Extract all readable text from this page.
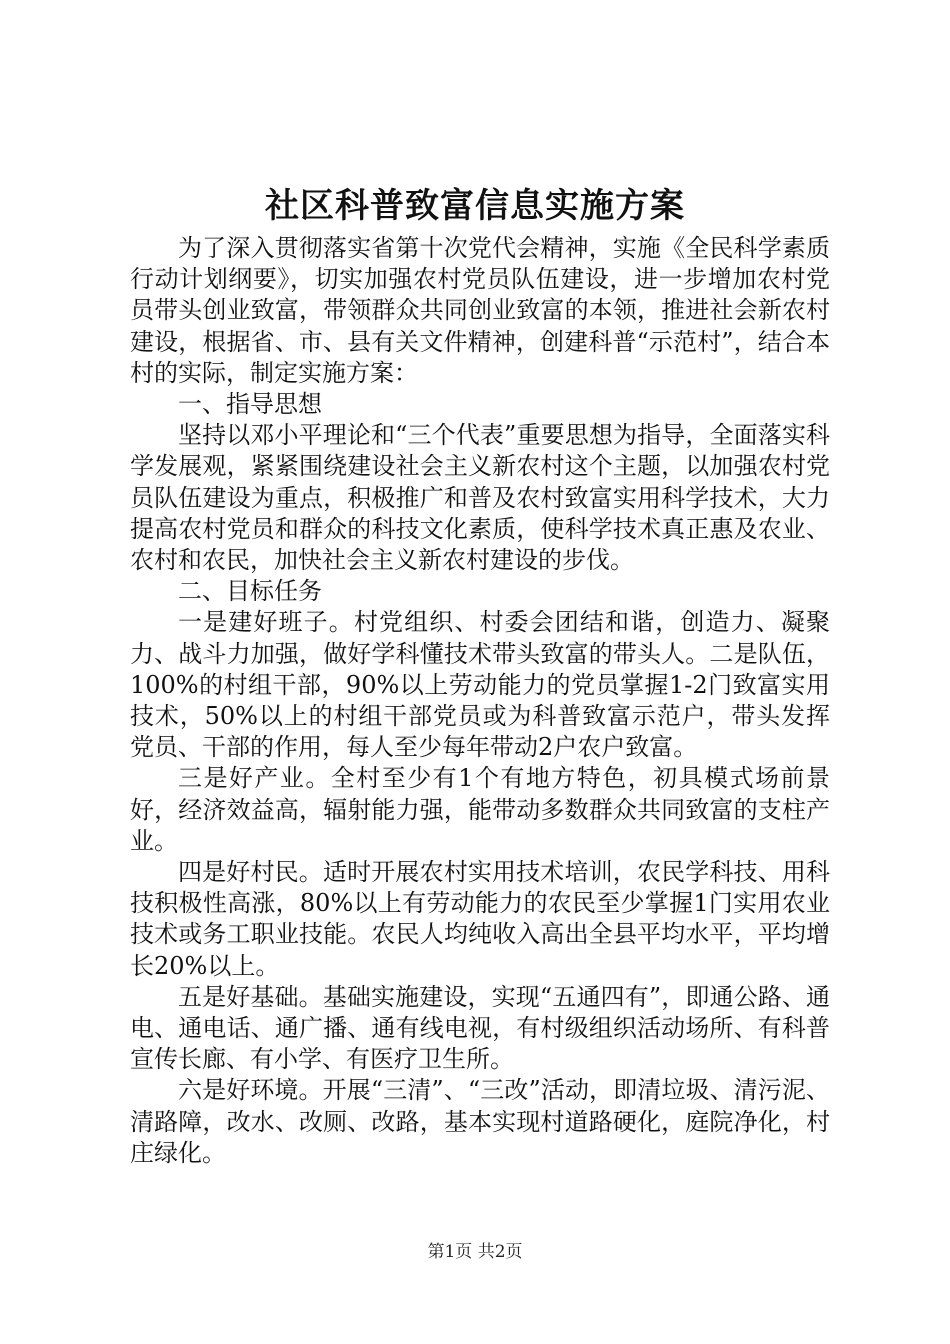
社区科普致富信息实施方案

为了深入贯彻落实省第十次党代会精神，实施《全民科学素质行动计划纲要》，切实加强农村党员队伍建设，进一步增加农村党员带头创业致富，带领群众共同创业致富的本领，推进社会新农村建设，根据省、市、县有关文件精神，创建科普“示范村”，结合本村的实际，制定实施方案：

一、指导思想

坚持以邓小平理论和“三个代表”重要思想为指导，全面落实科学发展观，紧紧围绕建设社会主义新农村这个主题，以加强农村党员队伍建设为重点，积极推广和普及农村致富实用科学技术，大力提高农村党员和群众的科技文化素质，使科学技术真正惠及农业、农村和农民，加快社会主义新农村建设的步伐。

二、目标任务

一是建好班子。村党组织、村委会团结和谐，创造力、凝聚力、战斗力加强，做好学科懂技术带头致富的带头人。二是队伍，100%的村组干部，90%以上劳动能力的党员掌握1-2门致富实用技术，50%以上的村组干部党员或为科普致富示范户，带头发挥党员、干部的作用，每人至少每年带动2户农户致富。

三是好产业。全村至少有1个有地方特色，初具模式场前景好，经济效益高，辐射能力强，能带动多数群众共同致富的支柱产业。

四是好村民。适时开展农村实用技术培训，农民学科技、用科技积极性高涨，80%以上有劳动能力的农民至少掌握1门实用农业技术或务工职业技能。农民人均纯收入高出全县平均水平，平均增长20%以上。

五是好基础。基础实施建设，实现“五通四有”，即通公路、通电、通电话、通广播、通有线电视，有村级组织活动场所、有科普宣传长廊、有小学、有医疗卫生所。

六是好环境。开展“三清”、“三改”活动，即清垃圾、清污泥、清路障，改水、改厕、改路，基本实现村道路硬化，庭院净化，村庄绿化。

第1页 共2页
